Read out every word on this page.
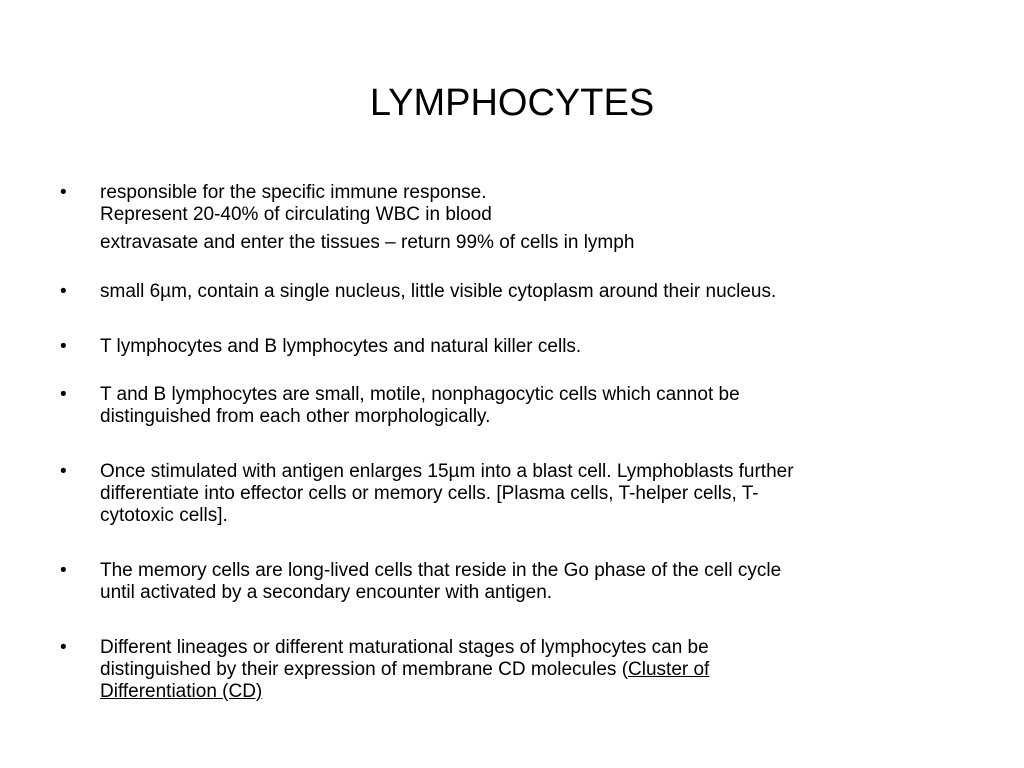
LYMPHOCYTES
•	responsible for the specific immune response.
Represent 20-40% of circulating WBC in blood
extravasate and enter the tissues – return 99% of cells in lymph
•	small 6µm, contain a single nucleus, little visible cytoplasm around their nucleus.
•	T lymphocytes and B lymphocytes and natural killer cells.
•	T and B lymphocytes are small, motile, nonphagocytic cells which cannot be
distinguished from each other morphologically.
•	Once stimulated with antigen enlarges 15µm into a blast cell. Lymphoblasts further
differentiate into effector cells or memory cells. [Plasma cells, T-helper cells, T-
cytotoxic cells].
•	The memory cells are long-lived cells that reside in the Go phase of the cell cycle
until activated by a secondary encounter with antigen.
•	Different lineages or different maturational stages of lymphocytes can be
distinguished by their expression of membrane CD molecules (Cluster of
Differentiation (CD)
